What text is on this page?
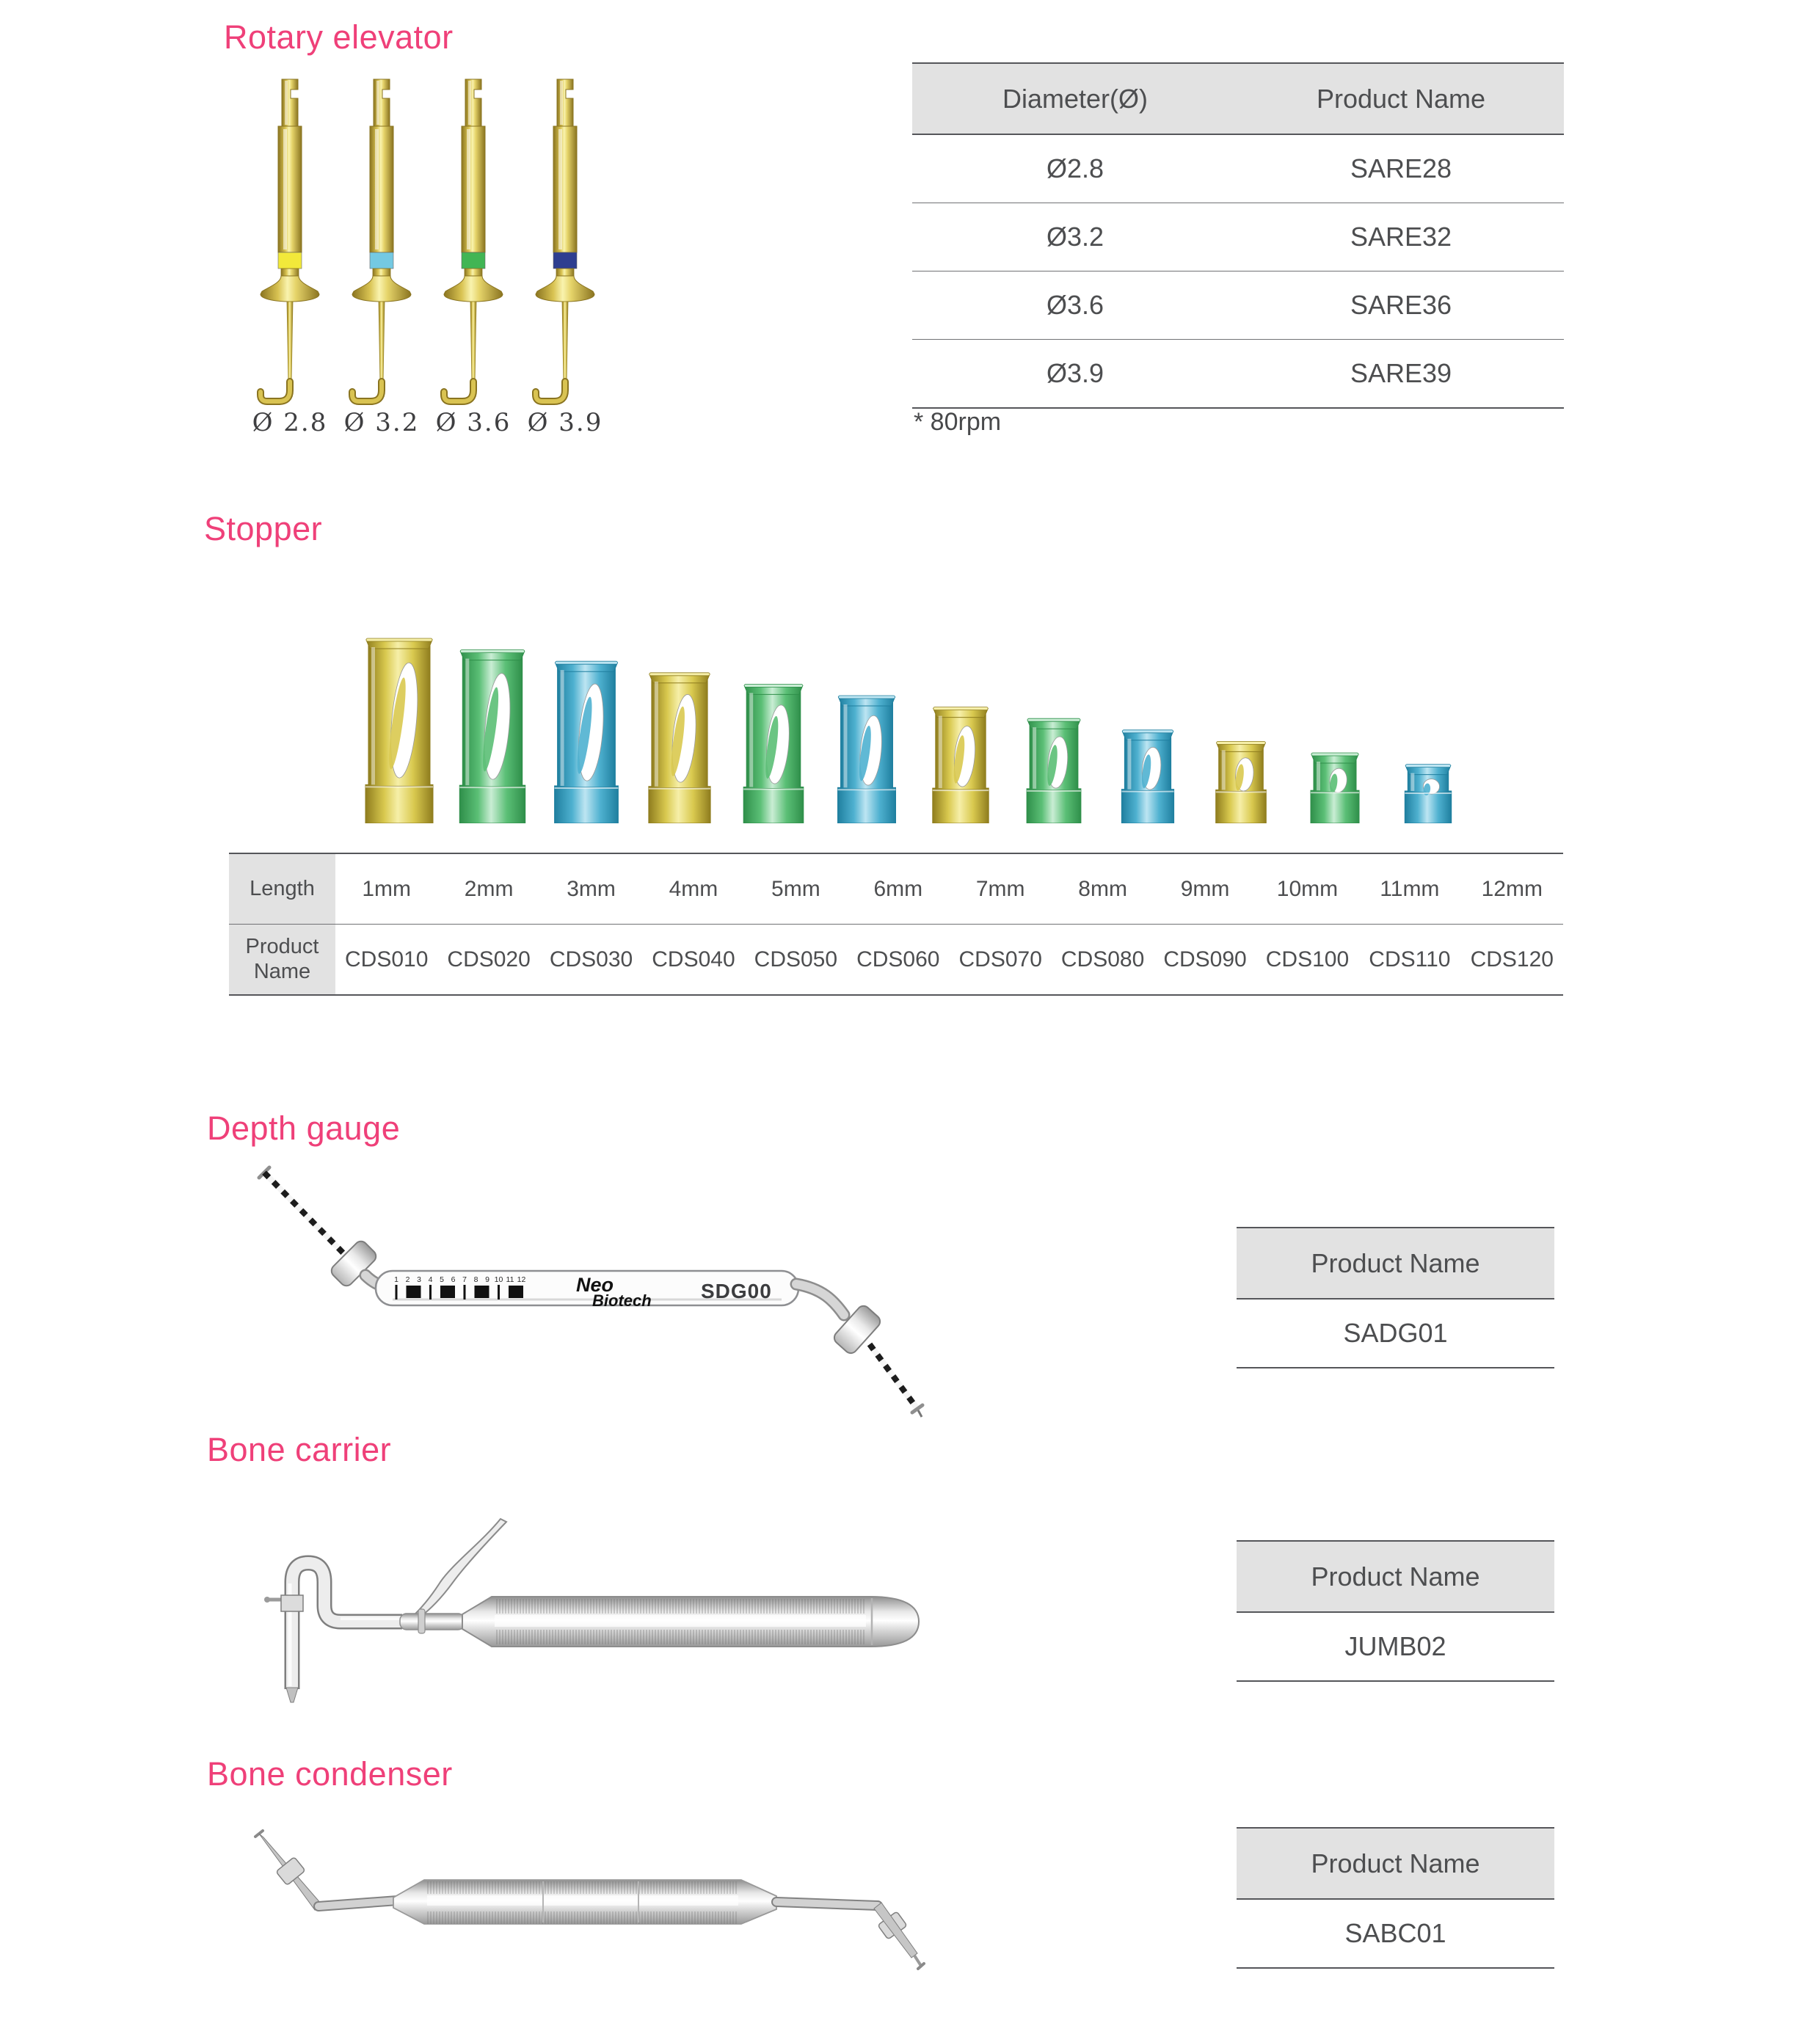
Rotary elevator
Ø 2.8 Ø 3.2 Ø 3.6 Ø 3.9
Diameter(Ø)	Product Name
Ø2.8	SARE28
Ø3.2	SARE32
Ø3.6	SARE36
Ø3.9	SARE39
* 80rpm
Stopper
Length	1mm	2mm	3mm	4mm	5mm	6mm	7mm	8mm	9mm	10mm	11mm	12mm
Product Name	CDS010 CDS020 CDS030 CDS040 CDS050 CDS060 CDS070 CDS080 CDS090 CDS100 CDS110 CDS120
Depth gauge
1 2 3 4 5 6 7 8 9 10 11 12	Neo
Biotech SDG00
Product Name
SADG01
Bone carrier
Product Name
JUMB02
Bone condenser
Product Name
SABC01
